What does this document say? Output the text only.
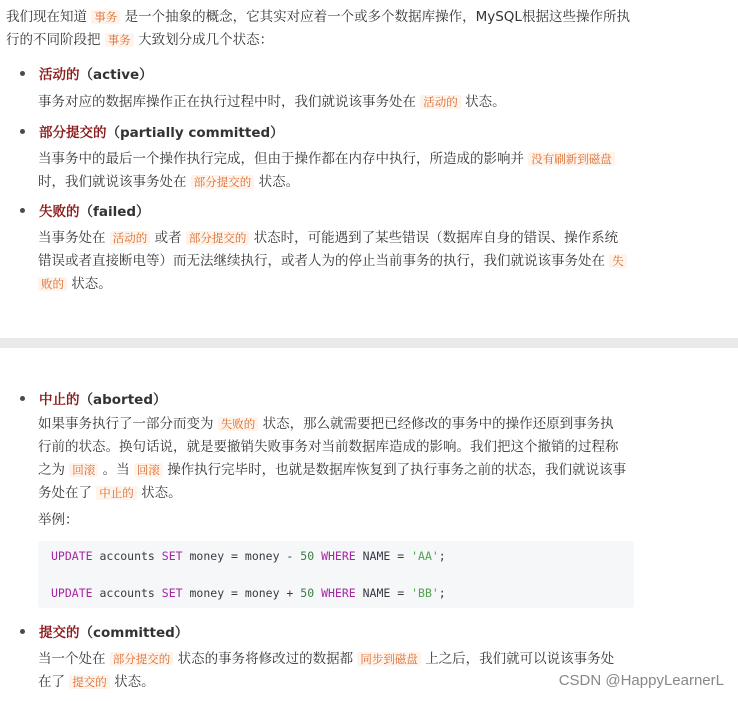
我们现在知道 事务 是一个抽象的概念，它其实对应着一个或多个数据库操作，MySQL根据这些操作所执
行的不同阶段把 事务 大致划分成几个状态：
活动的（active）
事务对应的数据库操作正在执行过程中时，我们就说该事务处在 活动的 状态。
部分提交的（partially committed）
当事务中的最后一个操作执行完成，但由于操作都在内存中执行，所造成的影响并 没有刷新到磁盘
时，我们就说该事务处在 部分提交的 状态。
失败的（failed）
当事务处在 活动的 或者 部分提交的 状态时，可能遇到了某些错误（数据库自身的错误、操作系统
错误或者直接断电等）而无法继续执行，或者人为的停止当前事务的执行，我们就说该事务处在 失
败的 状态。
中止的（aborted）
如果事务执行了一部分而变为 失败的 状态，那么就需要把已经修改的事务中的操作还原到事务执
行前的状态。换句话说，就是要撤销失败事务对当前数据库造成的影响。我们把这个撤销的过程称
之为 回滚 。当 回滚 操作执行完毕时，也就是数据库恢复到了执行事务之前的状态，我们就说该事
务处在了 中止的 状态。
举例：
UPDATE accounts SET money = money - 50 WHERE NAME = 'AA';
UPDATE accounts SET money = money + 50 WHERE NAME = 'BB';
提交的（committed）
当一个处在 部分提交的 状态的事务将修改过的数据都 同步到磁盘 上之后，我们就可以说该事务处
在了 提交的 状态。	CSDN @HappyLearnerL
